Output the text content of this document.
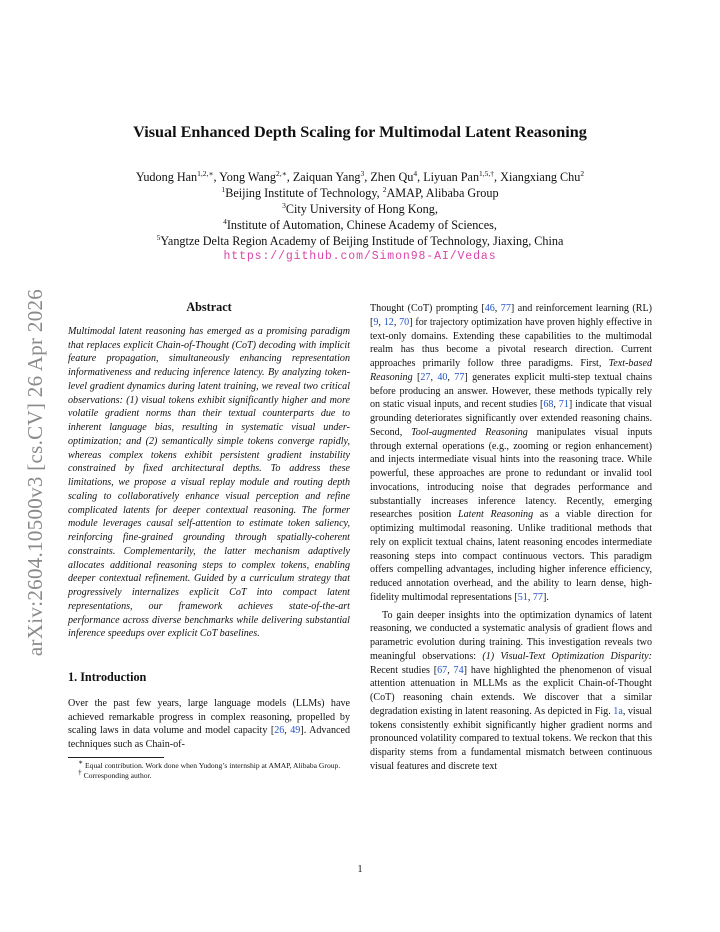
arXiv:2604.10500v3 [cs.CV] 26 Apr 2026
Visual Enhanced Depth Scaling for Multimodal Latent Reasoning
Yudong Han$^{1,2,∗}$, Yong Wang$^{2,∗}$, Zaiquan Yang$^3$, Zhen Qu$^4$, Liyuan Pan$^{1,5,\dagger}$, Xiangxiang Chu$^2$
$^1$Beijing Institute of Technology, $^2$AMAP, Alibaba Group
$^3$City University of Hong Kong,
$^4$Institute of Automation, Chinese Academy of Sciences,
$^5$Yangtze Delta Region Academy of Beijing Institude of Technology, Jiaxing, China
https://github.com/Simon98-AI/Vedas
Abstract

Multimodal latent reasoning has emerged as a promising paradigm that replaces explicit Chain-of-Thought (CoT) decoding with implicit feature propagation, simultaneously enhancing representation informativeness and reducing inference latency. By analyzing token-level gradient dynamics during latent training, we reveal two critical observations: (1) visual tokens exhibit significantly higher and more volatile gradient norms than their textual counterparts due to inherent language bias, resulting in systematic visual under-optimization; and (2) semantically simple tokens converge rapidly, whereas complex tokens exhibit persistent gradient instability constrained by fixed architectural depths. To address these limitations, we propose a visual replay module and routing depth scaling to collaboratively enhance visual perception and refine complicated latents for deeper contextual reasoning. The former module leverages causal self-attention to estimate token saliency, reinforcing fine-grained grounding through spatially-coherent constraints. Complementarily, the latter mechanism adaptively allocates additional reasoning steps to complex tokens, enabling deeper contextual refinement. Guided by a curriculum strategy that progressively internalizes explicit CoT into compact latent representations, our framework achieves state-of-the-art performance across diverse benchmarks while delivering substantial inference speedups over explicit CoT baselines.

1. Introduction

Over the past few years, large language models (LLMs) have achieved remarkable progress in complex reasoning, propelled by scaling laws in data volume and model capacity [26, 49]. Advanced techniques such as Chain-of-

∗ Equal contribution. Work done when Yudong’s internship at AMAP, Alibaba Group.

† Corresponding author.

Thought (CoT) prompting [46, 77] and reinforcement learning (RL) [9, 12, 70] for trajectory optimization have proven highly effective in text-only domains. Extending these capabilities to the multimodal realm has thus become a pivotal research direction. Current approaches primarily follow three paradigms. First, Text-based Reasoning [27, 40, 77] generates explicit multi-step textual chains before producing an answer. However, these methods typically rely on static visual inputs, and recent studies [68, 71] indicate that visual grounding deteriorates significantly over extended reasoning chains. Second, Tool-augmented Reasoning manipulates visual inputs through external operations (e.g., zooming or region enhancement) and injects intermediate visual hints into the reasoning trace. While powerful, these approaches are prone to redundant or invalid tool invocations, introducing noise that degrades performance and substantially increases inference latency. Recently, emerging researches position Latent Reasoning as a viable direction for optimizing multimodal reasoning. Unlike traditional methods that rely on explicit textual chains, latent reasoning encodes intermediate reasoning steps into compact continuous vectors. This paradigm offers compelling advantages, including higher inference efficiency, reduced annotation overhead, and the ability to learn dense, high-fidelity multimodal representations [51, 77].

To gain deeper insights into the optimization dynamics of latent reasoning, we conducted a systematic analysis of gradient flows and parametric evolution during training. This investigation reveals two meaningful observations: (1) Visual-Text Optimization Disparity: Recent studies [67, 74] have highlighted the phenomenon of visual attention attenuation in MLLMs as the explicit Chain-of-Thought (CoT) reasoning chain extends. We discover that a similar degradation existing in latent reasoning. As depicted in Fig. 1a, visual tokens consistently exhibit significantly higher gradient norms and pronounced volatility compared to textual tokens. We reckon that this disparity stems from a fundamental mismatch between continuous visual features and discrete text

1
